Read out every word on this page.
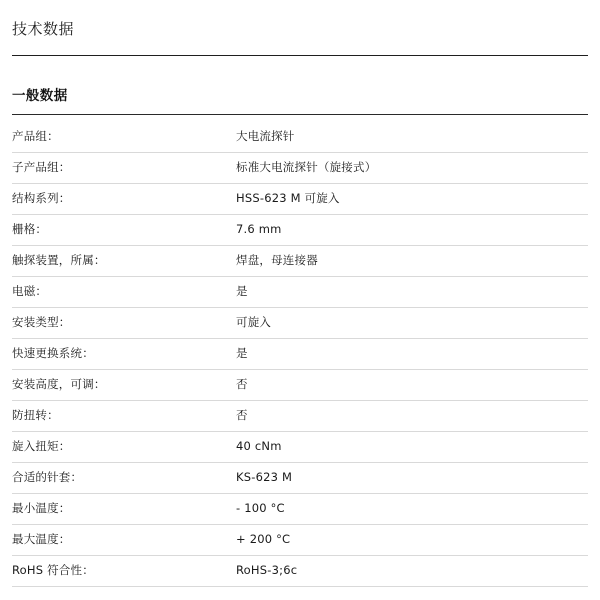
技术数据
一般数据
产品组：	大电流探针
子产品组：	标准大电流探针（旋接式）
结构系列：	HSS-623 M 可旋入
栅格：	7.6 mm
触探装置，所属：	焊盘，母连接器
电磁：	是
安装类型：	可旋入
快速更换系统：	是
安装高度，可调：	否
防扭转：	否
旋入扭矩：	40 cNm
合适的针套：	KS-623 M
最小温度：	- 100 °C
最大温度：	+ 200 °C
RoHS 符合性：	RoHS-3;6c
